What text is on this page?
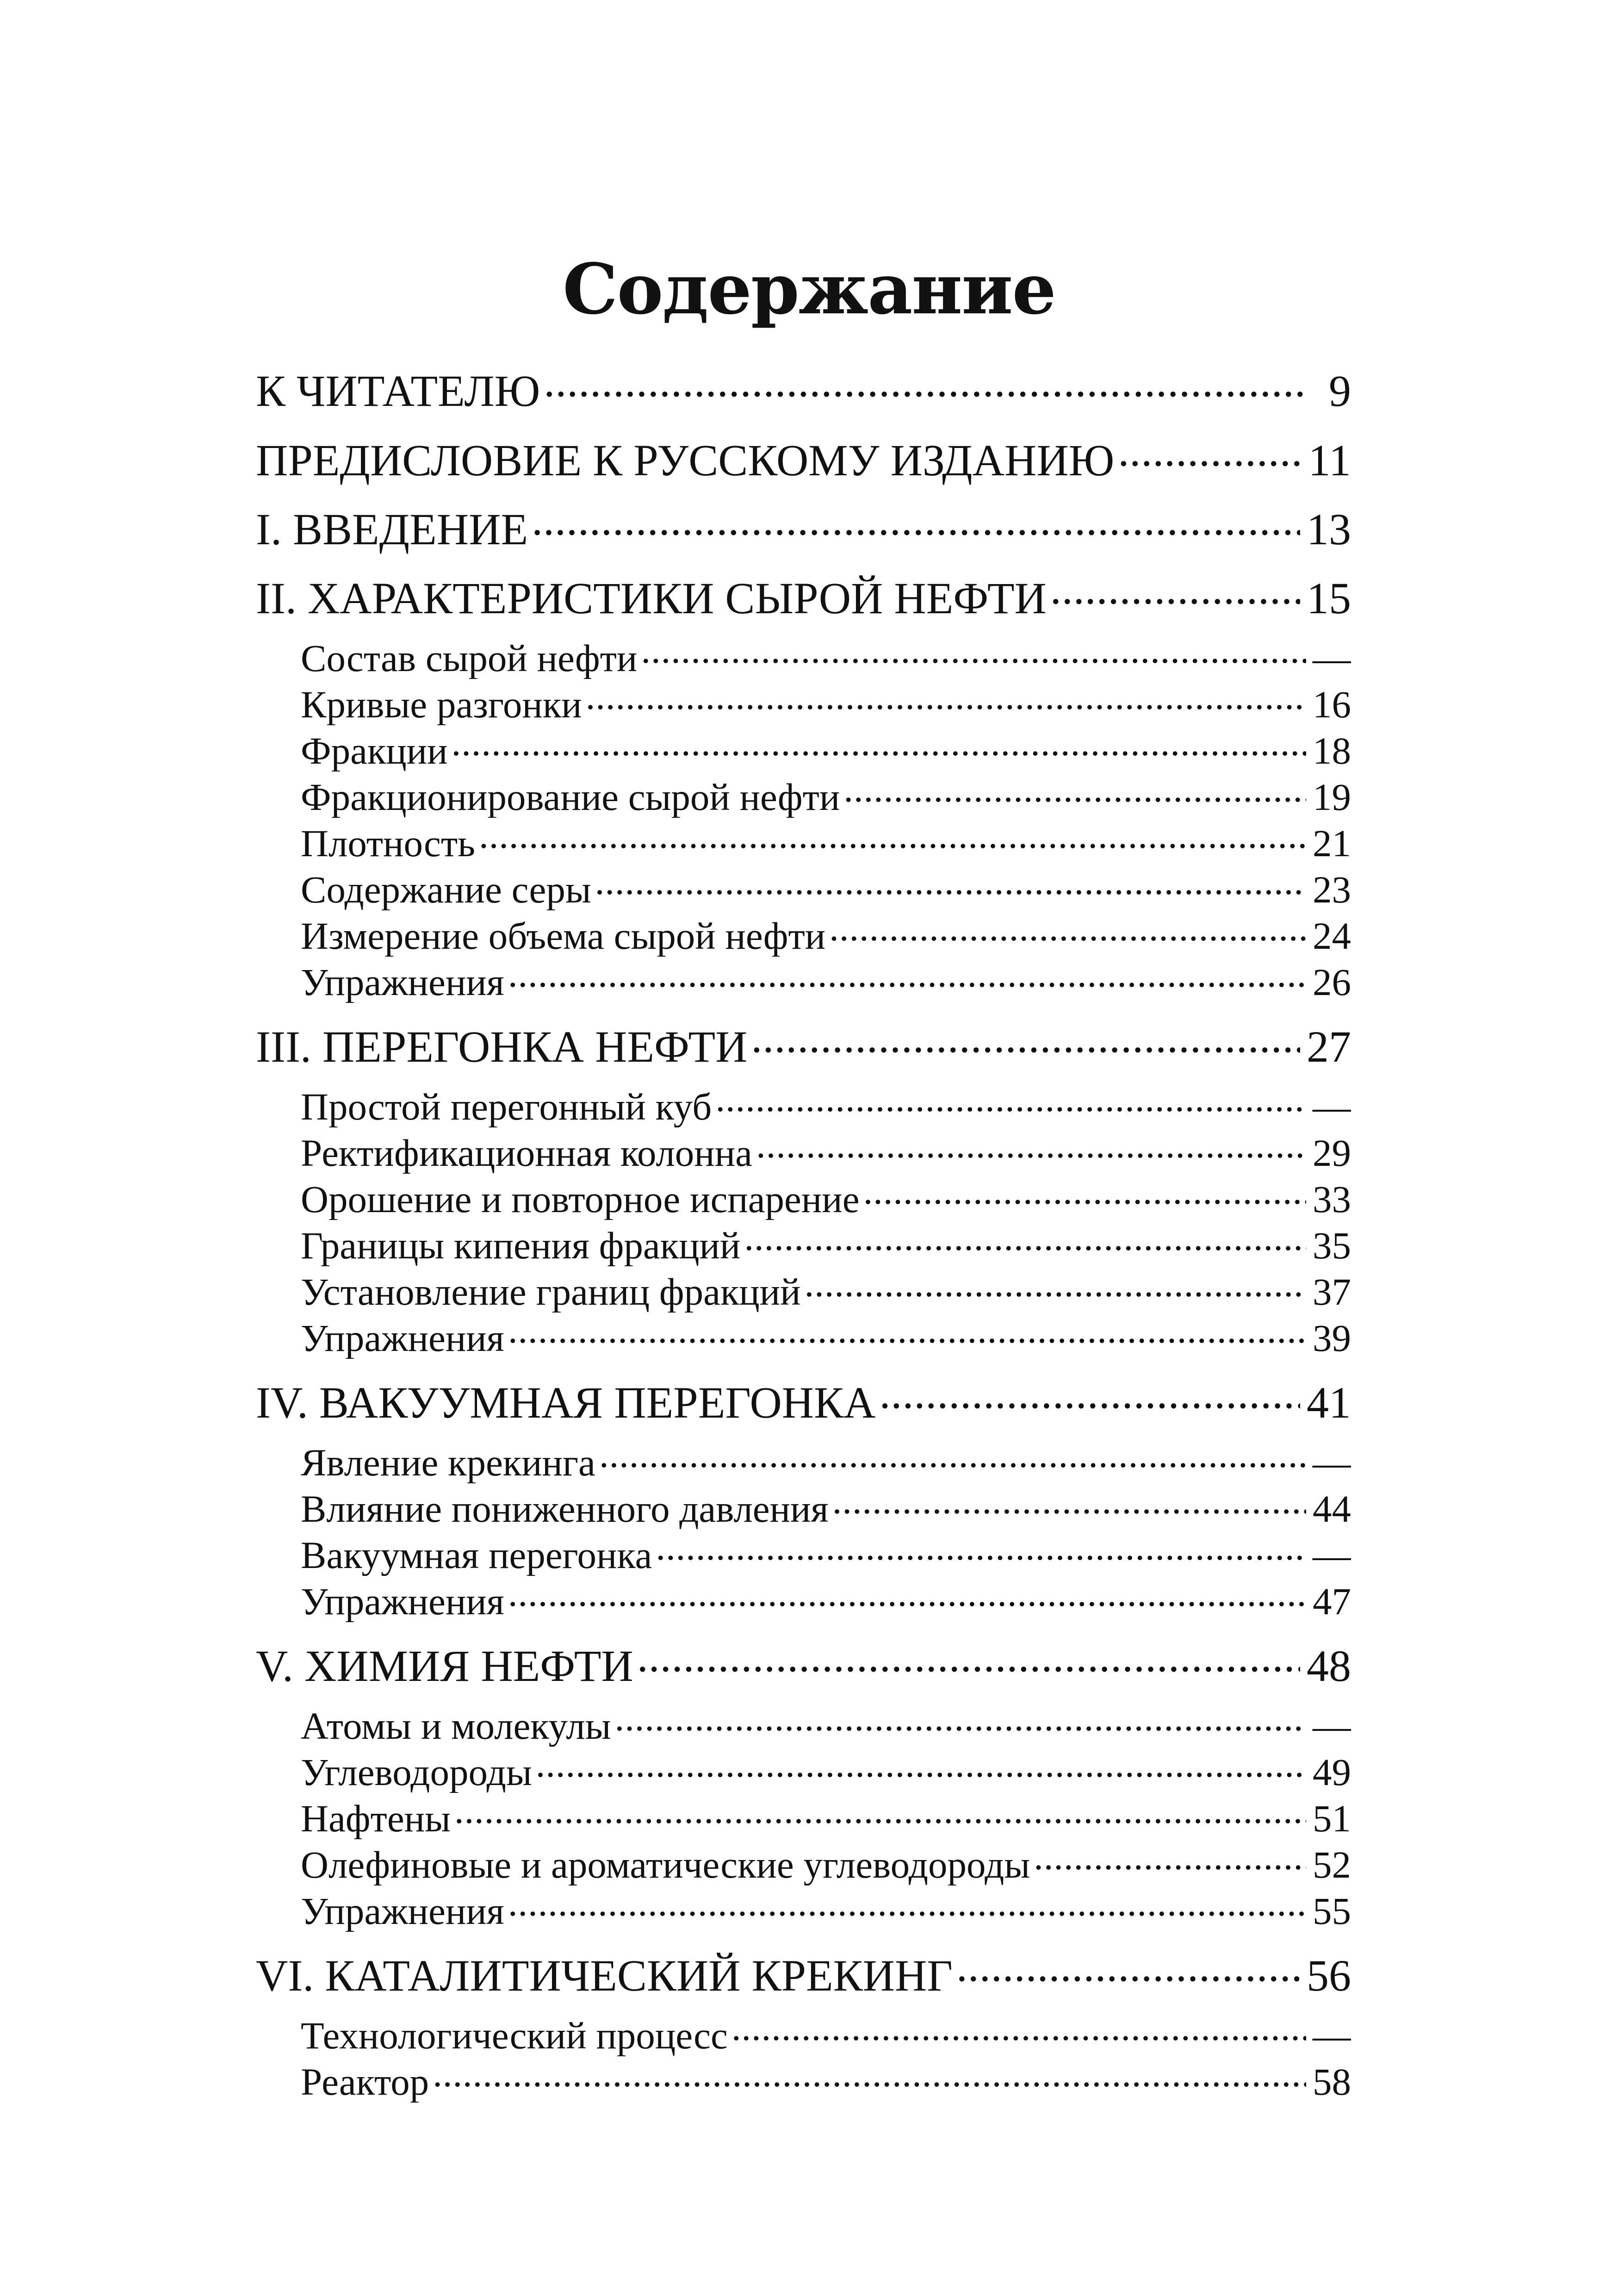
Содержание
К ЧИТАТЕЛЮ . . .	9
ПРЕДИСЛОВИЕ К РУССКОМУ ИЗДАНИЮ . . .	11
I. ВВЕДЕНИЕ . . .	13
II. ХАРАКТЕРИСТИКИ СЫРОЙ НЕФТИ . . .	15
Состав сырой нефти . . .	—
Кривые разгонки . . .	16
Фракции . . .	18
Фракционирование сырой нефти . . .	19
Плотность . . .	21
Содержание серы . . .	23
Измерение объема сырой нефти . . .	24
Упражнения . . .	26
III. ПЕРЕГОНКА НЕФТИ . . .	27
Простой перегонный куб . . .	—
Ректификационная колонна . . .	29
Орошение и повторное испарение . . .	33
Границы кипения фракций . . .	35
Установление границ фракций . . .	37
Упражнения . . .	39
IV. ВАКУУМНАЯ ПЕРЕГОНКА . . .	41
Явление крекинга . . .	—
Влияние пониженного давления . . .	44
Вакуумная перегонка . . .	—
Упражнения . . .	47
V. ХИМИЯ НЕФТИ . . .	48
Атомы и молекулы . . .	—
Углеводороды . . .	49
Нафтены . . .	51
Олефиновые и ароматические углеводороды . . .	52
Упражнения . . .	55
VI. КАТАЛИТИЧЕСКИЙ КРЕКИНГ . . .	56
Технологический процесс . . .	—
Реактор . . .	58
